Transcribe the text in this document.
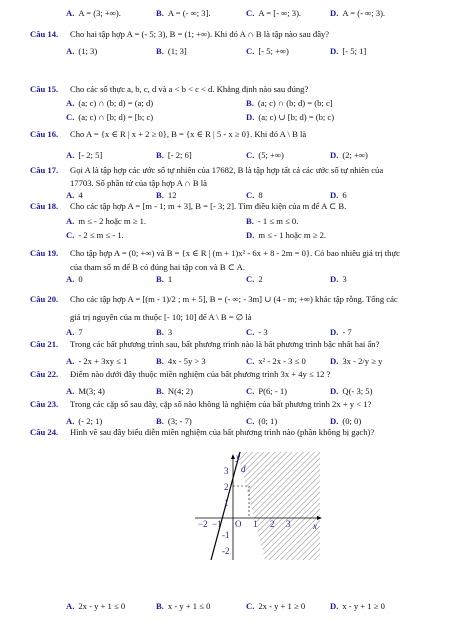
A. A = (3; +∞).	B. A = (- ∞; 3].	C. A = [- ∞; 3).	D. A = (- ∞; 3).
Câu 14. Cho hai tập hợp A = (- 5; 3), B = (1; +∞). Khi đó A ∩ B là tập nào sau đây?
A. (1; 3)	B. (1; 3]	C. [- 5; +∞)	D. [- 5; 1]
Câu 15. Cho các số thực a, b, c, d và a < b < c < d. Khẳng định nào sau đúng?
A. (a; c) ∩ (b; d) = (a; d)	B. (a; c) ∩ (b; d) = (b; c]
C. (a; c) ∩ [b; d) = [b; c)	D. (a; c) ∪ [b; d) = (b; c)
Câu 16. Cho A = {x ∈ R | x + 2 ≥ 0}, B = {x ∈ R | 5 - x ≥ 0}. Khi đó A \ B là
A. [- 2; 5]	B. [- 2; 6]	C. (5; +∞)	D. (2; +∞)
Câu 17. Gọi A là tập hợp các ước số tự nhiên của 17682, B là tập hợp tất cả các ước số tự nhiên của
17703. Số phần tử của tập hợp A ∩ B là
A. 4	B. 12	C. 8	D. 6
Câu 18. Cho các tập hợp A = [m - 1; m + 3], B = [- 3; 2]. Tìm điều kiện của m để A ⊂ B.
A. m ≤ - 2 hoặc m ≥ 1.	B. - 1 ≤ m ≤ 0.
C. - 2 ≤ m ≤ - 1.	D. m ≤ - 1 hoặc m ≥ 2.
Câu 19. Cho tập hợp A = (0; +∞) và B = {x ∈ R | (m + 1)x² - 6x + 8 - 2m = 0}. Có bao nhiêu giá trị thực
của tham số m để B có đúng hai tập con và B ⊂ A.
A. 0	B. 1	C. 2	D. 3
Câu 20. Cho các tập hợp A = [(m - 1)/2 ; m + 5], B = (- ∞; - 3m] ∪ (4 - m; +∞) khác tập rỗng. Tổng các
giá trị nguyên của m thuộc [- 10; 10] để A \ B = ∅ là
A. 7	B. 3	C. - 3	D. - 7
Câu 21. Trong các bất phương trình sau, bất phương trình nào là bất phương trình bậc nhất hai ẩn?
A. - 2x + 3xy ≤ 1	B. 4x - 5y > 3	C. x² - 2x - 3 ≤ 0	D. 3x - 2/y ≥ y
Câu 22. Điểm nào dưới đây thuộc miền nghiệm của bất phương trình 3x + 4y ≤ 12 ?
A. M(3; 4)	B. N(4; 2)	C. P(6; - 1)	D. Q(- 3; 5)
Câu 23. Trong các cặp số sau đây, cặp số nào không là nghiệm của bất phương trình 2x + y < 1?
A. (- 2; 1)	B. (3; - 7)	C. (0; 1)	D. (0; 0)
Câu 24. Hình vẽ sau đây biểu diễn miền nghiệm của bất phương trình nào (phần không bị gạch)?
A. 2x - y + 1 ≤ 0	B. x - y + 1 ≤ 0	C. 2x - y + 1 ≥ 0	D. x - y + 1 ≥ 0
y
x
d
O
3
2
1
-1
-2
−2 −1	1 2 3
